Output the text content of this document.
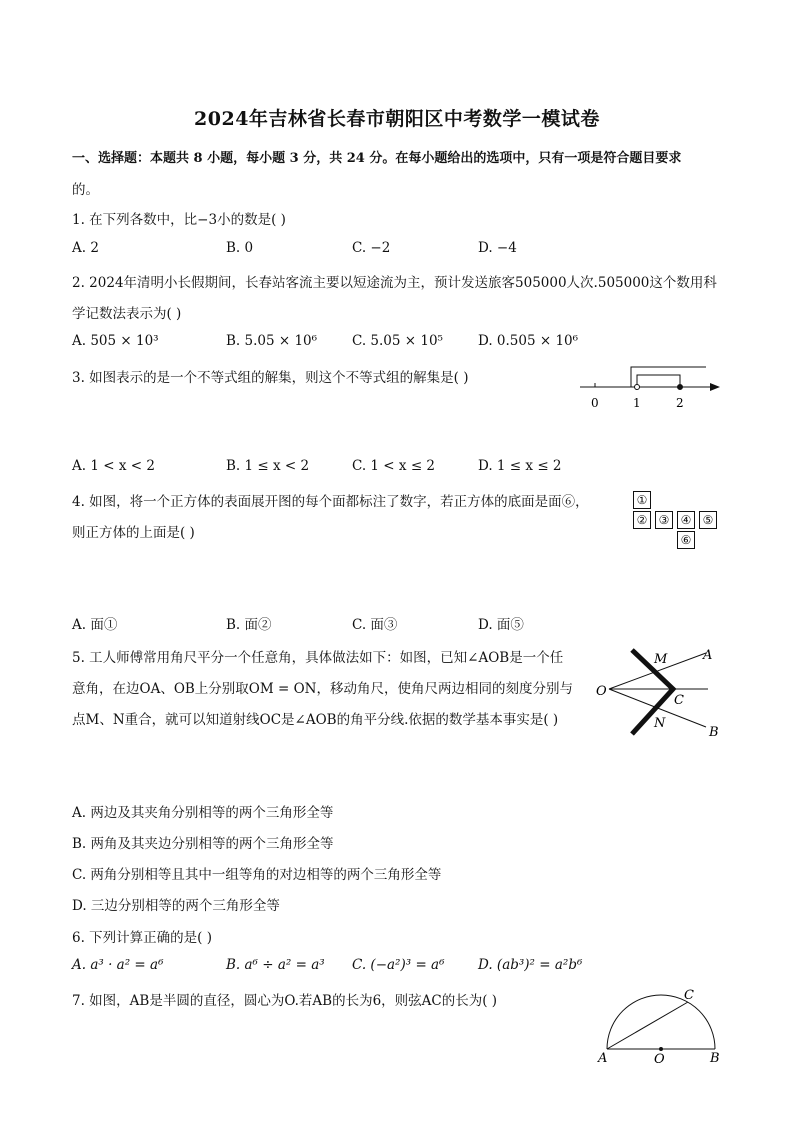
2024年吉林省长春市朝阳区中考数学一模试卷
一、选择题：本题共 8 小题，每小题 3 分，共 24 分。在每小题给出的选项中，只有一项是符合题目要求
的。
1. 在下列各数中，比−3小的数是( )
A. 2	B. 0	C. −2	D. −4
2. 2024年清明小长假期间，长春站客流主要以短途流为主，预计发送旅客505000人次.505000这个数用科
学记数法表示为( )
A. 505 × 10³	B. 5.05 × 10⁶	C. 5.05 × 10⁵	D. 0.505 × 10⁶
3. 如图表示的是一个不等式组的解集，则这个不等式组的解集是( )
0	1	2
A. 1 < x < 2	B. 1 ≤ x < 2	C. 1 < x ≤ 2	D. 1 ≤ x ≤ 2
4. 如图，将一个正方体的表面展开图的每个面都标注了数字，若正方体的底面是面⑥，
则正方体的上面是( )
①
② ③ ④ ⑤
⑥
A. 面①	B. 面②	C. 面③	D. 面⑤
5. 工人师傅常用角尺平分一个任意角，具体做法如下：如图，已知∠AOB是一个任
意角，在边OA、OB上分别取OM = ON，移动角尺，使角尺两边相同的刻度分别与
点M、N重合，就可以知道射线OC是∠AOB的角平分线.依据的数学基本事实是( )
M	A
O
C
N
B
A. 两边及其夹角分别相等的两个三角形全等
B. 两角及其夹边分别相等的两个三角形全等
C. 两角分别相等且其中一组等角的对边相等的两个三角形全等
D. 三边分别相等的两个三角形全等
6. 下列计算正确的是( )
A. a³ · a² = a⁶	B. a⁶ ÷ a² = a³ C. (−a²)³ = a⁶ D. (ab³)² = a²b⁶
7. 如图，AB是半圆的直径，圆心为O.若AB的长为6，则弦AC的长为( )	C
A	O	B
